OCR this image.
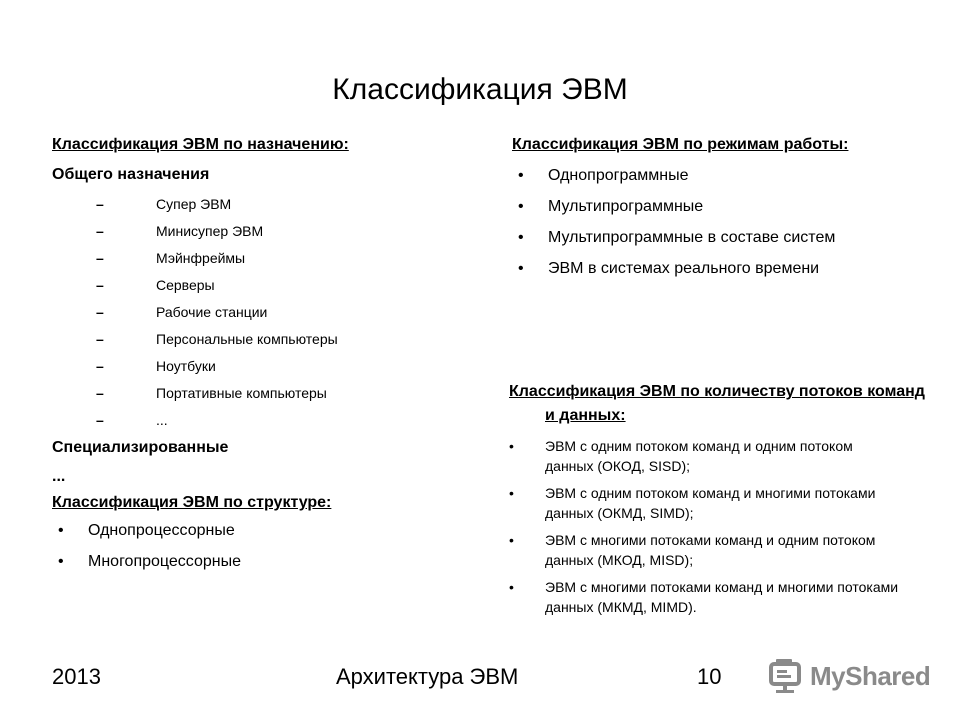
Классификация ЭВМ
Классификация ЭВМ по назначению:
Общего назначения
–	Супер ЭВМ
–	Минисупер ЭВМ
–	Мэйнфреймы
–	Серверы
–	Рабочие станции
–	Персональные компьютеры
–	Ноутбуки
–	Портативные компьютеры
–	...
Специализированные
...
Классификация ЭВМ по структуре:
• Однопроцессорные
• Многопроцессорные
Классификация ЭВМ по режимам работы:
• Однопрограммные
• Мультипрограммные
• Мультипрограммные в составе систем
• ЭВМ в системах реального времени
Классификация ЭВМ по количеству потоков команд и данных:
• ЭВМ с одним потоком команд и одним потоком данных (ОКОД, SISD);
• ЭВМ с одним потоком команд и многими потоками данных (ОКМД, SIMD);
• ЭВМ с многими потоками команд и одним потоком данных (МКОД, MISD);
• ЭВМ с многими потоками команд и многими потоками данных (МКМД, MIMD).
2013	Архитектура ЭВМ	10	MyShared
